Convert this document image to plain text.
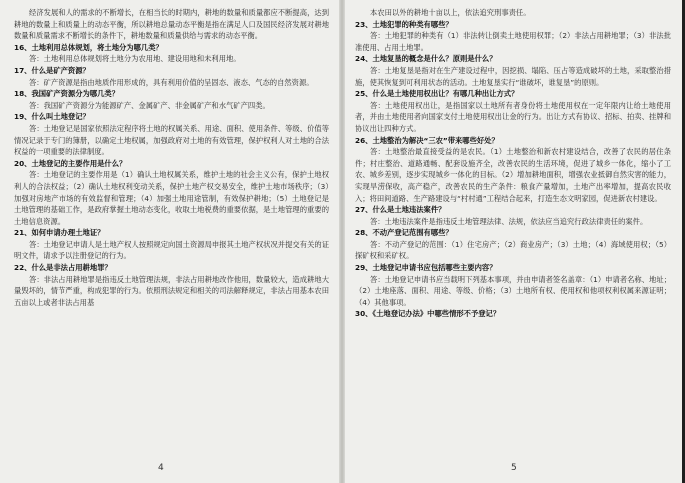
经济发展和人的需求的不断增长，在相当长的时期内，耕地的数量和质量都应不断提高，达到耕地的数量上和质量上的动态平衡，所以耕地总量动态平衡是指在满足人口及国民经济发展对耕地数量和质量需求不断增长的条件下，耕地数量和质量供给与需求的动态平衡。

16、土地利用总体规划，将土地分为哪几类？

答：土地利用总体规划将土地分为农用地、建设用地和未利用地。

17、什么是矿产资源？

答：矿产资源是指由地质作用形成的，具有利用价值的呈固态、液态、气态的自然资源。

18、我国矿产资源分为哪几类？

答：我国矿产资源分为能源矿产、金属矿产、非金属矿产和水气矿产四类。

19、什么叫土地登记？

答：土地登记是国家依照法定程序将土地的权属关系、用途、面积、使用条件、等级、价值等情况记录于专门的簿册，以确定土地权属，加强政府对土地的有效管理，保护权利人对土地的合法权益的一项重要的法律制度。

20、土地登记的主要作用是什么？

答：土地登记的主要作用是（1）确认土地权属关系，维护土地的社会主义公有，保护土地权利人的合法权益；（2）确认土地权利变动关系，保护土地产权交易安全，维护土地市场秩序；（3）加强对房地产市场的有效监督和管理；（4）加强土地用途管制，有效保护耕地；（5）土地登记是土地管理的基础工作，是政府掌握土地动态变化，收取土地税费的重要依据，是土地管理的重要的土地信息资源。

21、如何申请办理土地证？

答：土地登记申请人是土地产权人按照规定向国土资源局申报其土地产权状况并提交有关的证明文件，请求予以注册登记的行为。

22、什么是非法占用耕地罪？

答：非法占用耕地罪是指违反土地管理法规，非法占用耕地改作他用，数量较大，造成耕地大量毁坏的，情节严重，构成犯罪的行为。依照刑法规定和相关的司法解释规定，非法占用基本农田五亩以上或者非法占用基

4

本农田以外的耕地十亩以上，依法追究刑事责任。

23、土地犯罪的种类有哪些？

答：土地犯罪的种类有（1）非法转让倒卖土地使用权罪；（2）非法占用耕地罪；（3）非法批准使用、占用土地罪。

24、土地复垦的概念是什么？原则是什么？

答：土地复垦是指对在生产建设过程中，因挖损、塌陷、压占等造成破坏的土地，采取整治措施，使其恢复到可利用状态的活动。土地复垦实行“谁破坏，谁复垦”的原则。

25、什么是土地使用权出让？有哪几种出让方式？

答：土地使用权出让，是指国家以土地所有者身份将土地使用权在一定年限内让给土地使用者，并由土地使用者向国家支付土地使用权出让金的行为。出让方式有协议、招标、拍卖、挂牌和协议出让四种方式。

26、土地整治为解决“三农”带来哪些好处？

答：土地整治最直接受益的是农民。（1）土地整治和新农村建设结合，改善了农民的居住条件；村庄整治、道路通畅、配套设施齐全，改善农民的生活环境，促进了城乡一体化，缩小了工农、城乡差别，逐步实现城乡一体化的目标。（2）增加耕地面积，增强农业抵御自然灾害的能力，实现旱涝保收，高产稳产，改善农民的生产条件：粮食产量增加，土地产出率增加，提高农民收入；将田间道路、生产路建设与“村村通”工程结合起来，打造生态文明家园，促进新农村建设。

27、什么是土地违法案件？

答：土地违法案件是指违反土地管理法律、法规，依法应当追究行政法律责任的案件。

28、不动产登记范围有哪些？

答：不动产登记的范围：（1）住宅房产；（2）商业房产；（3）土地；（4）海域使用权；（5）探矿权和采矿权。

29、土地登记申请书应包括哪些主要内容？

答：土地登记申请书应当载明下列基本事项，并由申请者签名盖章：（1）申请者名称、地址；（2）土地座落、面积、用途、等级、价格；（3）土地所有权、使用权和他项权利权属来源证明；（4）其他事项。

30、《土地登记办法》中哪些情形不予登记？

5
